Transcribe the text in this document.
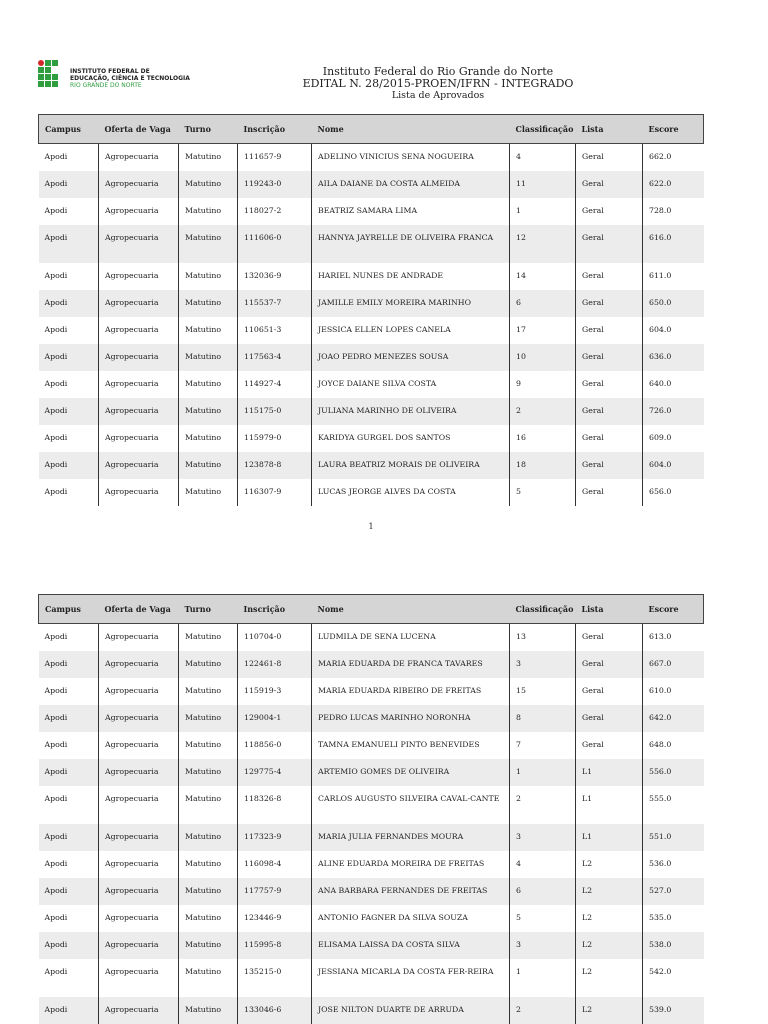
INSTITUTO FEDERAL DE
EDUCAÇÃO, CIÊNCIA E TECNOLOGIA
RIO GRANDE DO NORTE
Instituto Federal do Rio Grande do Norte
EDITAL N. 28/2015-PROEN/IFRN - INTEGRADO
Lista de Aprovados
Campus	Oferta de Vaga	Turno	Inscrição	Nome	Classificação	Lista	Escore
Apodi	Agropecuaria	Matutino	111657-9	ADELINO VINICIUS SENA NOGUEIRA	4	Geral	662.0
Apodi	Agropecuaria	Matutino	119243-0	AILA DAIANE DA COSTA ALMEIDA	11	Geral	622.0
Apodi	Agropecuaria	Matutino	118027-2	BEATRIZ SAMARA LIMA	1	Geral	728.0
Apodi	Agropecuaria	Matutino	111606-0	HANNYA JAYRELLE DE OLIVEIRA FRANCA	12	Geral	616.0
Apodi	Agropecuaria	Matutino	132036-9	HARIEL NUNES DE ANDRADE	14	Geral	611.0
Apodi	Agropecuaria	Matutino	115537-7	JAMILLE EMILY MOREIRA MARINHO	6	Geral	650.0
Apodi	Agropecuaria	Matutino	110651-3	JESSICA ELLEN LOPES CANELA	17	Geral	604.0
Apodi	Agropecuaria	Matutino	117563-4	JOAO PEDRO MENEZES SOUSA	10	Geral	636.0
Apodi	Agropecuaria	Matutino	114927-4	JOYCE DAIANE SILVA COSTA	9	Geral	640.0
Apodi	Agropecuaria	Matutino	115175-0	JULIANA MARINHO DE OLIVEIRA	2	Geral	726.0
Apodi	Agropecuaria	Matutino	115979-0	KARIDYA GURGEL DOS SANTOS	16	Geral	609.0
Apodi	Agropecuaria	Matutino	123878-8	LAURA BEATRIZ MORAIS DE OLIVEIRA	18	Geral	604.0
Apodi	Agropecuaria	Matutino	116307-9	LUCAS JEORGE ALVES DA COSTA	5	Geral	656.0
1
Campus	Oferta de Vaga	Turno	Inscrição	Nome	Classificação	Lista	Escore
Apodi	Agropecuaria	Matutino	110704-0	LUDMILA DE SENA LUCENA	13	Geral	613.0
Apodi	Agropecuaria	Matutino	122461-8	MARIA EDUARDA DE FRANCA TAVARES	3	Geral	667.0
Apodi	Agropecuaria	Matutino	115919-3	MARIA EDUARDA RIBEIRO DE FREITAS	15	Geral	610.0
Apodi	Agropecuaria	Matutino	129004-1	PEDRO LUCAS MARINHO NORONHA	8	Geral	642.0
Apodi	Agropecuaria	Matutino	118856-0	TAMNA EMANUELI PINTO BENEVIDES	7	Geral	648.0
Apodi	Agropecuaria	Matutino	129775-4	ARTEMIO GOMES DE OLIVEIRA	1	L1	556.0
Apodi	Agropecuaria	Matutino	118326-8	CARLOS AUGUSTO SILVEIRA CAVAL-CANTE	2	L1	555.0
Apodi	Agropecuaria	Matutino	117323-9	MARIA JULIA FERNANDES MOURA	3	L1	551.0
Apodi	Agropecuaria	Matutino	116098-4	ALINE EDUARDA MOREIRA DE FREITAS	4	L2	536.0
Apodi	Agropecuaria	Matutino	117757-9	ANA BARBARA FERNANDES DE FREITAS	6	L2	527.0
Apodi	Agropecuaria	Matutino	123446-9	ANTONIO FAGNER DA SILVA SOUZA	5	L2	535.0
Apodi	Agropecuaria	Matutino	115995-8	ELISAMA LAISSA DA COSTA SILVA	3	L2	538.0
Apodi	Agropecuaria	Matutino	135215-0	JESSIANA MICARLA DA COSTA FER-REIRA	1	L2	542.0
Apodi	Agropecuaria	Matutino	133046-6	JOSE NILTON DUARTE DE ARRUDA	2	L2	539.0
